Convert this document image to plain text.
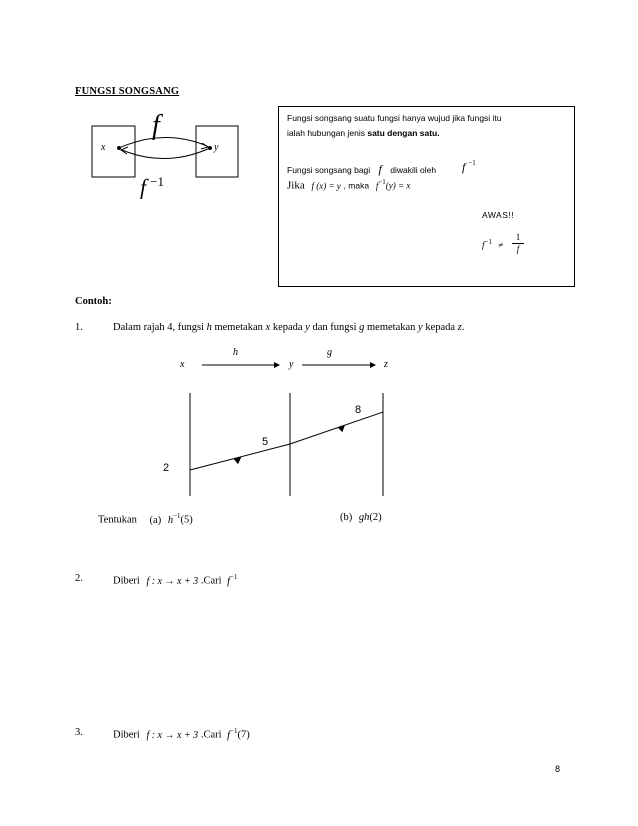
FUNGSI SONGSANG
x	y
f
f $^{-1}$
Fungsi songsang suatu fungsi hanya wujud jika fungsi itu
ialah hubungan jenis satu dengan satu.
Fungsi songsang bagi f diwakili oleh f $^{-1}$
Jika f (x) = y , maka $f^{-1}(y) = x$
AWAS!!
$f^{-1}$ ≠
1
f
Contoh:
1.	Dalam rajah 4, fungsi h memetakan x kepada y dan fungsi g memetakan y kepada z.
x	y	z
h	g
2
5
8
Tentukan (a) $h^{-1}(5)$	(b) gh(2)
2.	Diberi f : x → x + 3 .Cari $f^{-1}$
3.	Diberi f : x → x + 3 .Cari $f^{-1}(7)$
8
